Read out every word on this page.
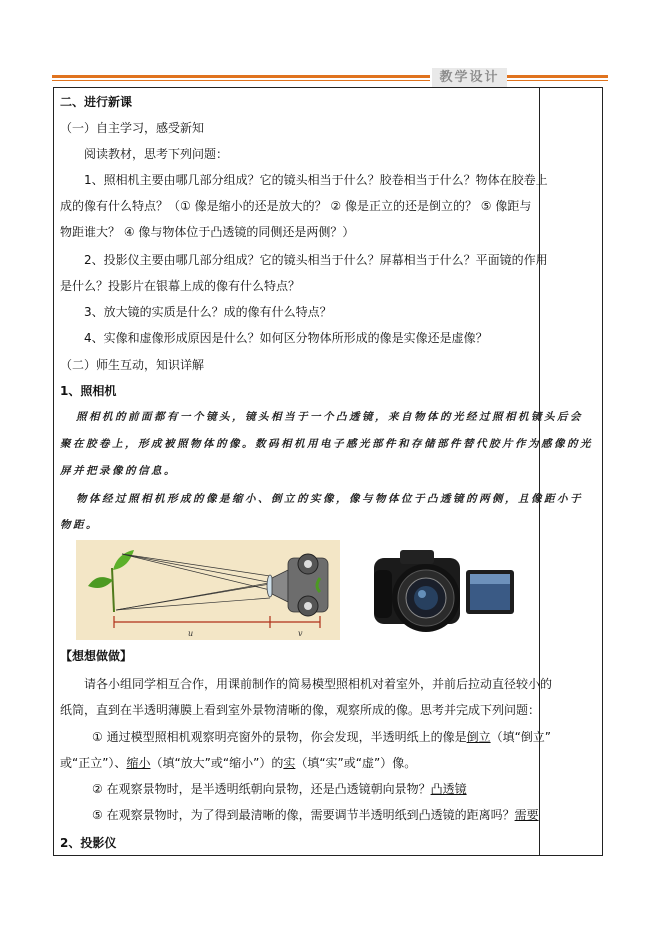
教学设计
二、进行新课
（一）自主学习，感受新知
阅读教材，思考下列问题：
1、照相机主要由哪几部分组成？它的镜头相当于什么？胶卷相当于什么？物体在胶卷上
成的像有什么特点？（① 像是缩小的还是放大的？ ② 像是正立的还是倒立的？ ⑤ 像距与
物距谁大？ ④ 像与物体位于凸透镜的同侧还是两侧？）
2、投影仪主要由哪几部分组成？它的镜头相当于什么？屏幕相当于什么？平面镜的作用
是什么？投影片在银幕上成的像有什么特点？
3、放大镜的实质是什么？成的像有什么特点？
4、实像和虚像形成原因是什么？如何区分物体所形成的像是实像还是虚像？
（二）师生互动，知识详解
1、照相机
照相机的前面都有一个镜头，镜头相当于一个凸透镜，来自物体的光经过照相机镜头后会
聚在胶卷上，形成被照物体的像。数码相机用电子感光部件和存储部件替代胶片作为感像的光
屏并把录像的信息。
物体经过照相机形成的像是缩小、倒立的实像，像与物体位于凸透镜的两侧，且像距小于
物距。
u	v
【想想做做】
请各小组同学相互合作，用课前制作的简易模型照相机对着室外，并前后拉动直径较小的
纸筒，直到在半透明薄膜上看到室外景物清晰的像，观察所成的像。思考并完成下列问题：
① 通过模型照相机观察明亮窗外的景物，你会发现，半透明纸上的像是倒立（填“倒立”
或“正立”）、缩小（填“放大”或“缩小”）的实（填“实”或“虚”）像。
② 在观察景物时，是半透明纸朝向景物，还是凸透镜朝向景物？凸透镜
⑤ 在观察景物时，为了得到最清晰的像，需要调节半透明纸到凸透镜的距离吗？需要
2、投影仪
